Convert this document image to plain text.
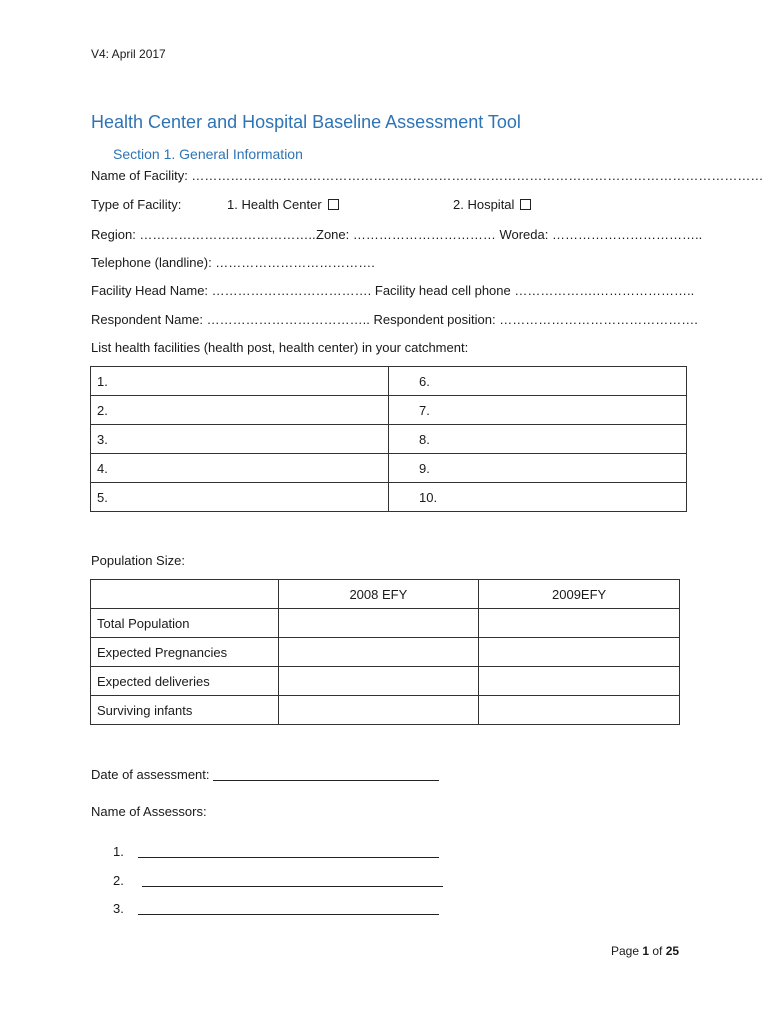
V4: April 2017
Health Center and Hospital Baseline Assessment Tool
Section 1. General Information
Name of Facility: ……………………………………………………………………………………………………………………
Type of Facility:	1. Health Center	2. Hospital
Region: ………………………………….. Zone: …………………………… Woreda: ……………………………..
Telephone (landline): ……………………………….
Facility Head Name: ………………………………. Facility head cell phone ……………….…………………..
Respondent Name: ……………………………….. Respondent position: ……………………………………….
List health facilities (health post, health center) in your catchment:
1.	6.
2.	7.
3.	8.
4.	9.
5.	10.
Population Size:
	2008 EFY	2009EFY
Total Population		
Expected Pregnancies		
Expected deliveries		
Surviving infants		
Date of assessment:
Name of Assessors:
1.
2.
3.
Page 1 of 25
